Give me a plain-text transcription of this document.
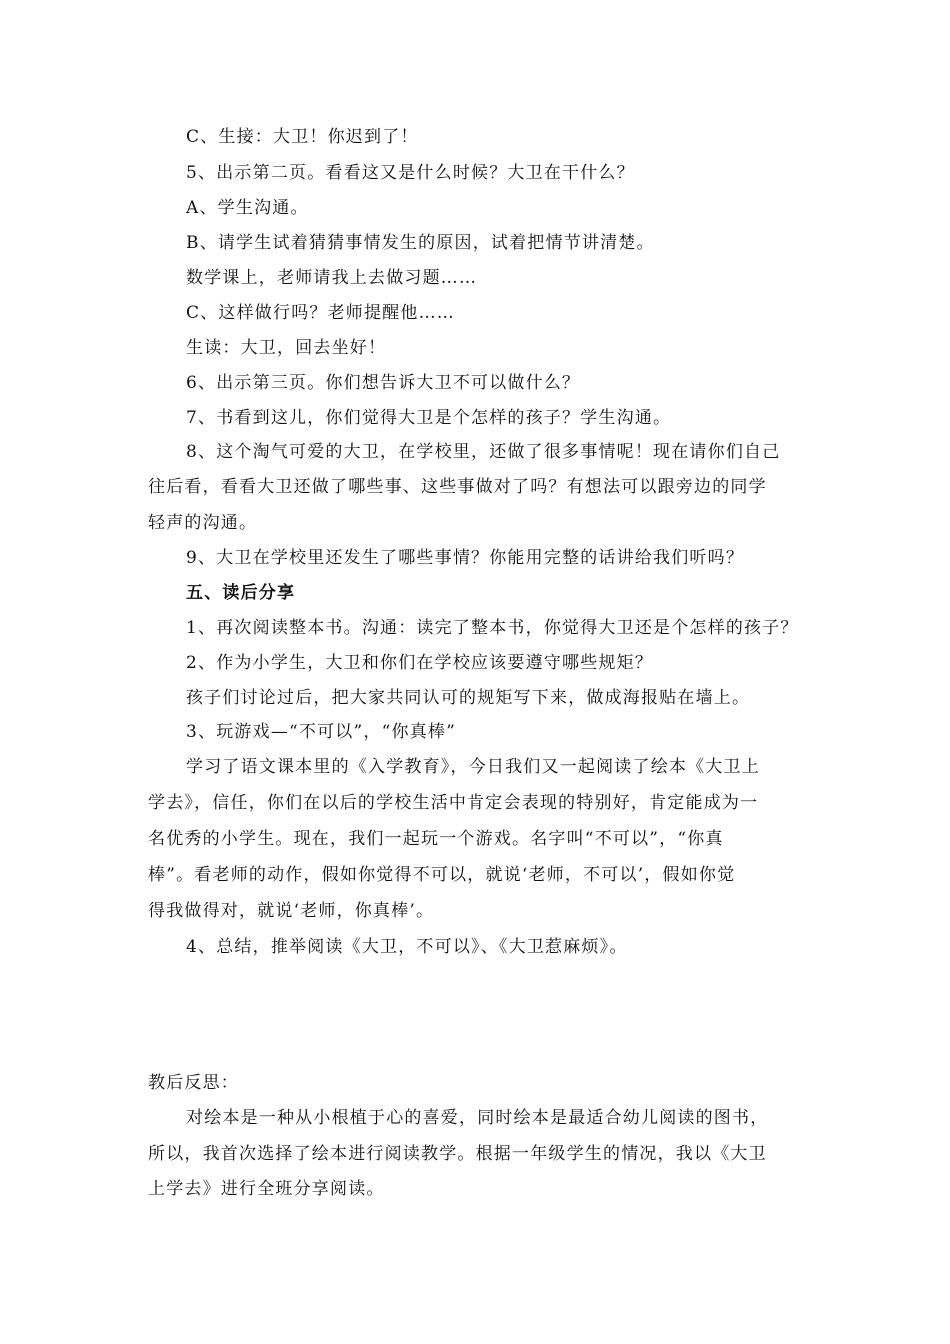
C、生接：大卫！你迟到了！
5、出示第二页。看看这又是什么时候？大卫在干什么？
A、学生沟通。
B、请学生试着猜猜事情发生的原因，试着把情节讲清楚。
数学课上，老师请我上去做习题……
C、这样做行吗？老师提醒他……
生读：大卫，回去坐好！
6、出示第三页。你们想告诉大卫不可以做什么？
7、书看到这儿，你们觉得大卫是个怎样的孩子？学生沟通。
8、这个淘气可爱的大卫，在学校里，还做了很多事情呢！现在请你们自己
往后看，看看大卫还做了哪些事、这些事做对了吗？有想法可以跟旁边的同学
轻声的沟通。
9、大卫在学校里还发生了哪些事情？你能用完整的话讲给我们听吗？
五、读后分享
1、再次阅读整本书。沟通：读完了整本书，你觉得大卫还是个怎样的孩子？
2、作为小学生，大卫和你们在学校应该要遵守哪些规矩？
孩子们讨论过后，把大家共同认可的规矩写下来，做成海报贴在墙上。
3、玩游戏—“不可以”，“你真棒”
学习了语文课本里的《入学教育》，今日我们又一起阅读了绘本《大卫上
学去》，信任，你们在以后的学校生活中肯定会表现的特别好，肯定能成为一
名优秀的小学生。现在，我们一起玩一个游戏。名字叫“不可以”，“你真
棒”。看老师的动作，假如你觉得不可以，就说‘老师，不可以’，假如你觉
得我做得对，就说‘老师，你真棒’。
4、总结，推举阅读《大卫，不可以》、《大卫惹麻烦》。
教后反思：
对绘本是一种从小根植于心的喜爱，同时绘本是最适合幼儿阅读的图书，
所以，我首次选择了绘本进行阅读教学。根据一年级学生的情况，我以《大卫
上学去》进行全班分享阅读。
